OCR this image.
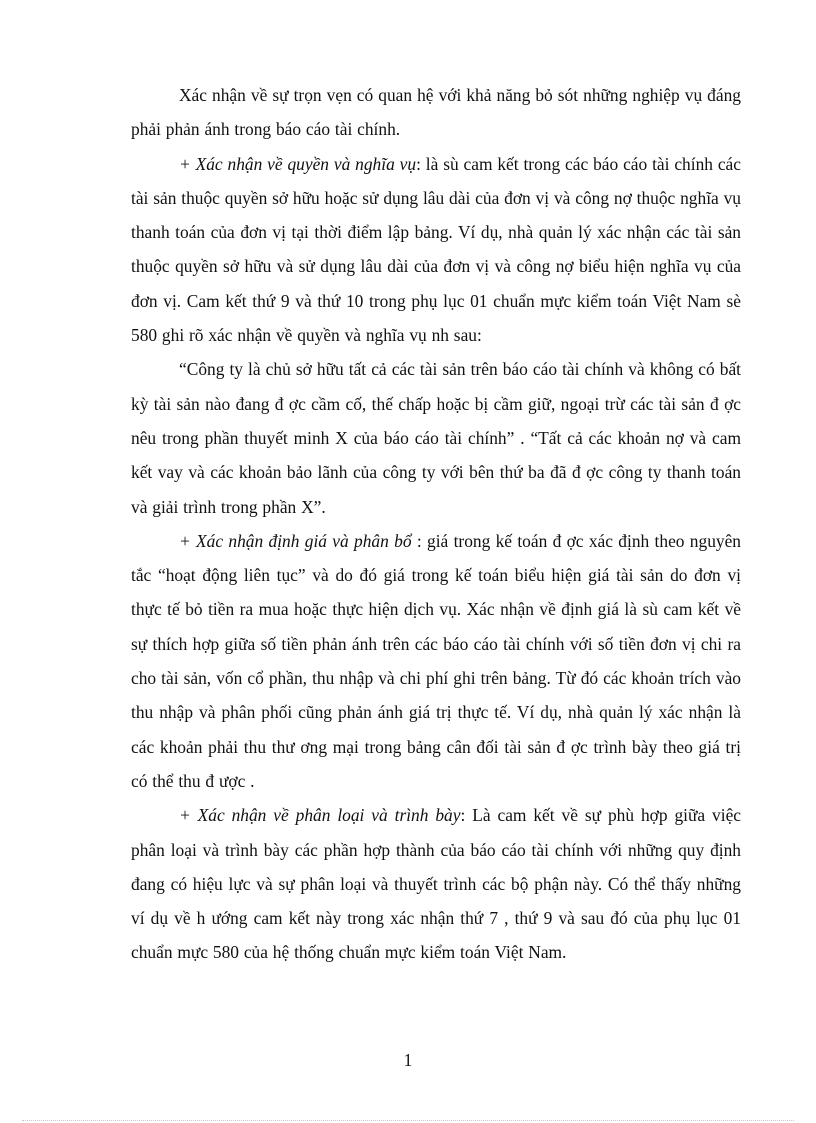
Xác nhận về sự trọn vẹn có quan hệ với khả năng bỏ sót những nghiệp vụ đáng phải phản ánh trong báo cáo tài chính.

+ Xác nhận về quyền và nghĩa vụ: là sù cam kết trong các báo cáo tài chính các tài sản thuộc quyền sở hữu hoặc sử dụng lâu dài của đơn vị và công nợ thuộc nghĩa vụ thanh toán của đơn vị tại thời điểm lập bảng. Ví dụ, nhà quản lý xác nhận các tài sản thuộc quyền sở hữu và sử dụng lâu dài của đơn vị và công nợ biểu hiện nghĩa vụ của đơn vị. Cam kết thứ 9 và thứ 10 trong phụ lục 01 chuẩn mực kiểm toán Việt Nam sè 580 ghi rõ xác nhận về quyền và nghĩa vụ nh sau:

“Công ty là chủ sở hữu tất cả các tài sản trên báo cáo tài chính và không có bất kỳ tài sản nào đang đ ợc cầm cố, thế chấp hoặc bị cầm giữ, ngoại trừ các tài sản đ ợc nêu trong phần thuyết minh X của báo cáo tài chính” . “Tất cả các khoản nợ và cam kết vay và các khoản bảo lãnh của công ty với bên thứ ba đã đ ợc công ty thanh toán và giải trình trong phần X”.

+ Xác nhận định giá và phân bổ : giá trong kế toán đ ợc xác định theo nguyên tắc “hoạt động liên tục” và do đó giá trong kế toán biểu hiện giá tài sản do đơn vị thực tế bỏ tiền ra mua hoặc thực hiện dịch vụ. Xác nhận về định giá là sù cam kết về sự thích hợp giữa số tiền phản ánh trên các báo cáo tài chính với số tiền đơn vị chi ra cho tài sản, vốn cổ phần, thu nhập và chi phí ghi trên bảng. Từ đó các khoản trích vào thu nhập và phân phối cũng phản ánh giá trị thực tế. Ví dụ, nhà quản lý xác nhận là các khoản phải thu thư ơng mại trong bảng cân đối tài sản đ ợc trình bày theo giá trị có thể thu đ ược .

+ Xác nhận về phân loại và trình bày: Là cam kết về sự phù hợp giữa việc phân loại và trình bày các phần hợp thành của báo cáo tài chính với những quy định đang có hiệu lực và sự phân loại và thuyết trình các bộ phận này. Có thể thấy những ví dụ về h ướng cam kết này trong xác nhận thứ 7 , thứ 9 và sau đó của phụ lục 01 chuẩn mực 580 của hệ thống chuẩn mực kiểm toán Việt Nam.

1
